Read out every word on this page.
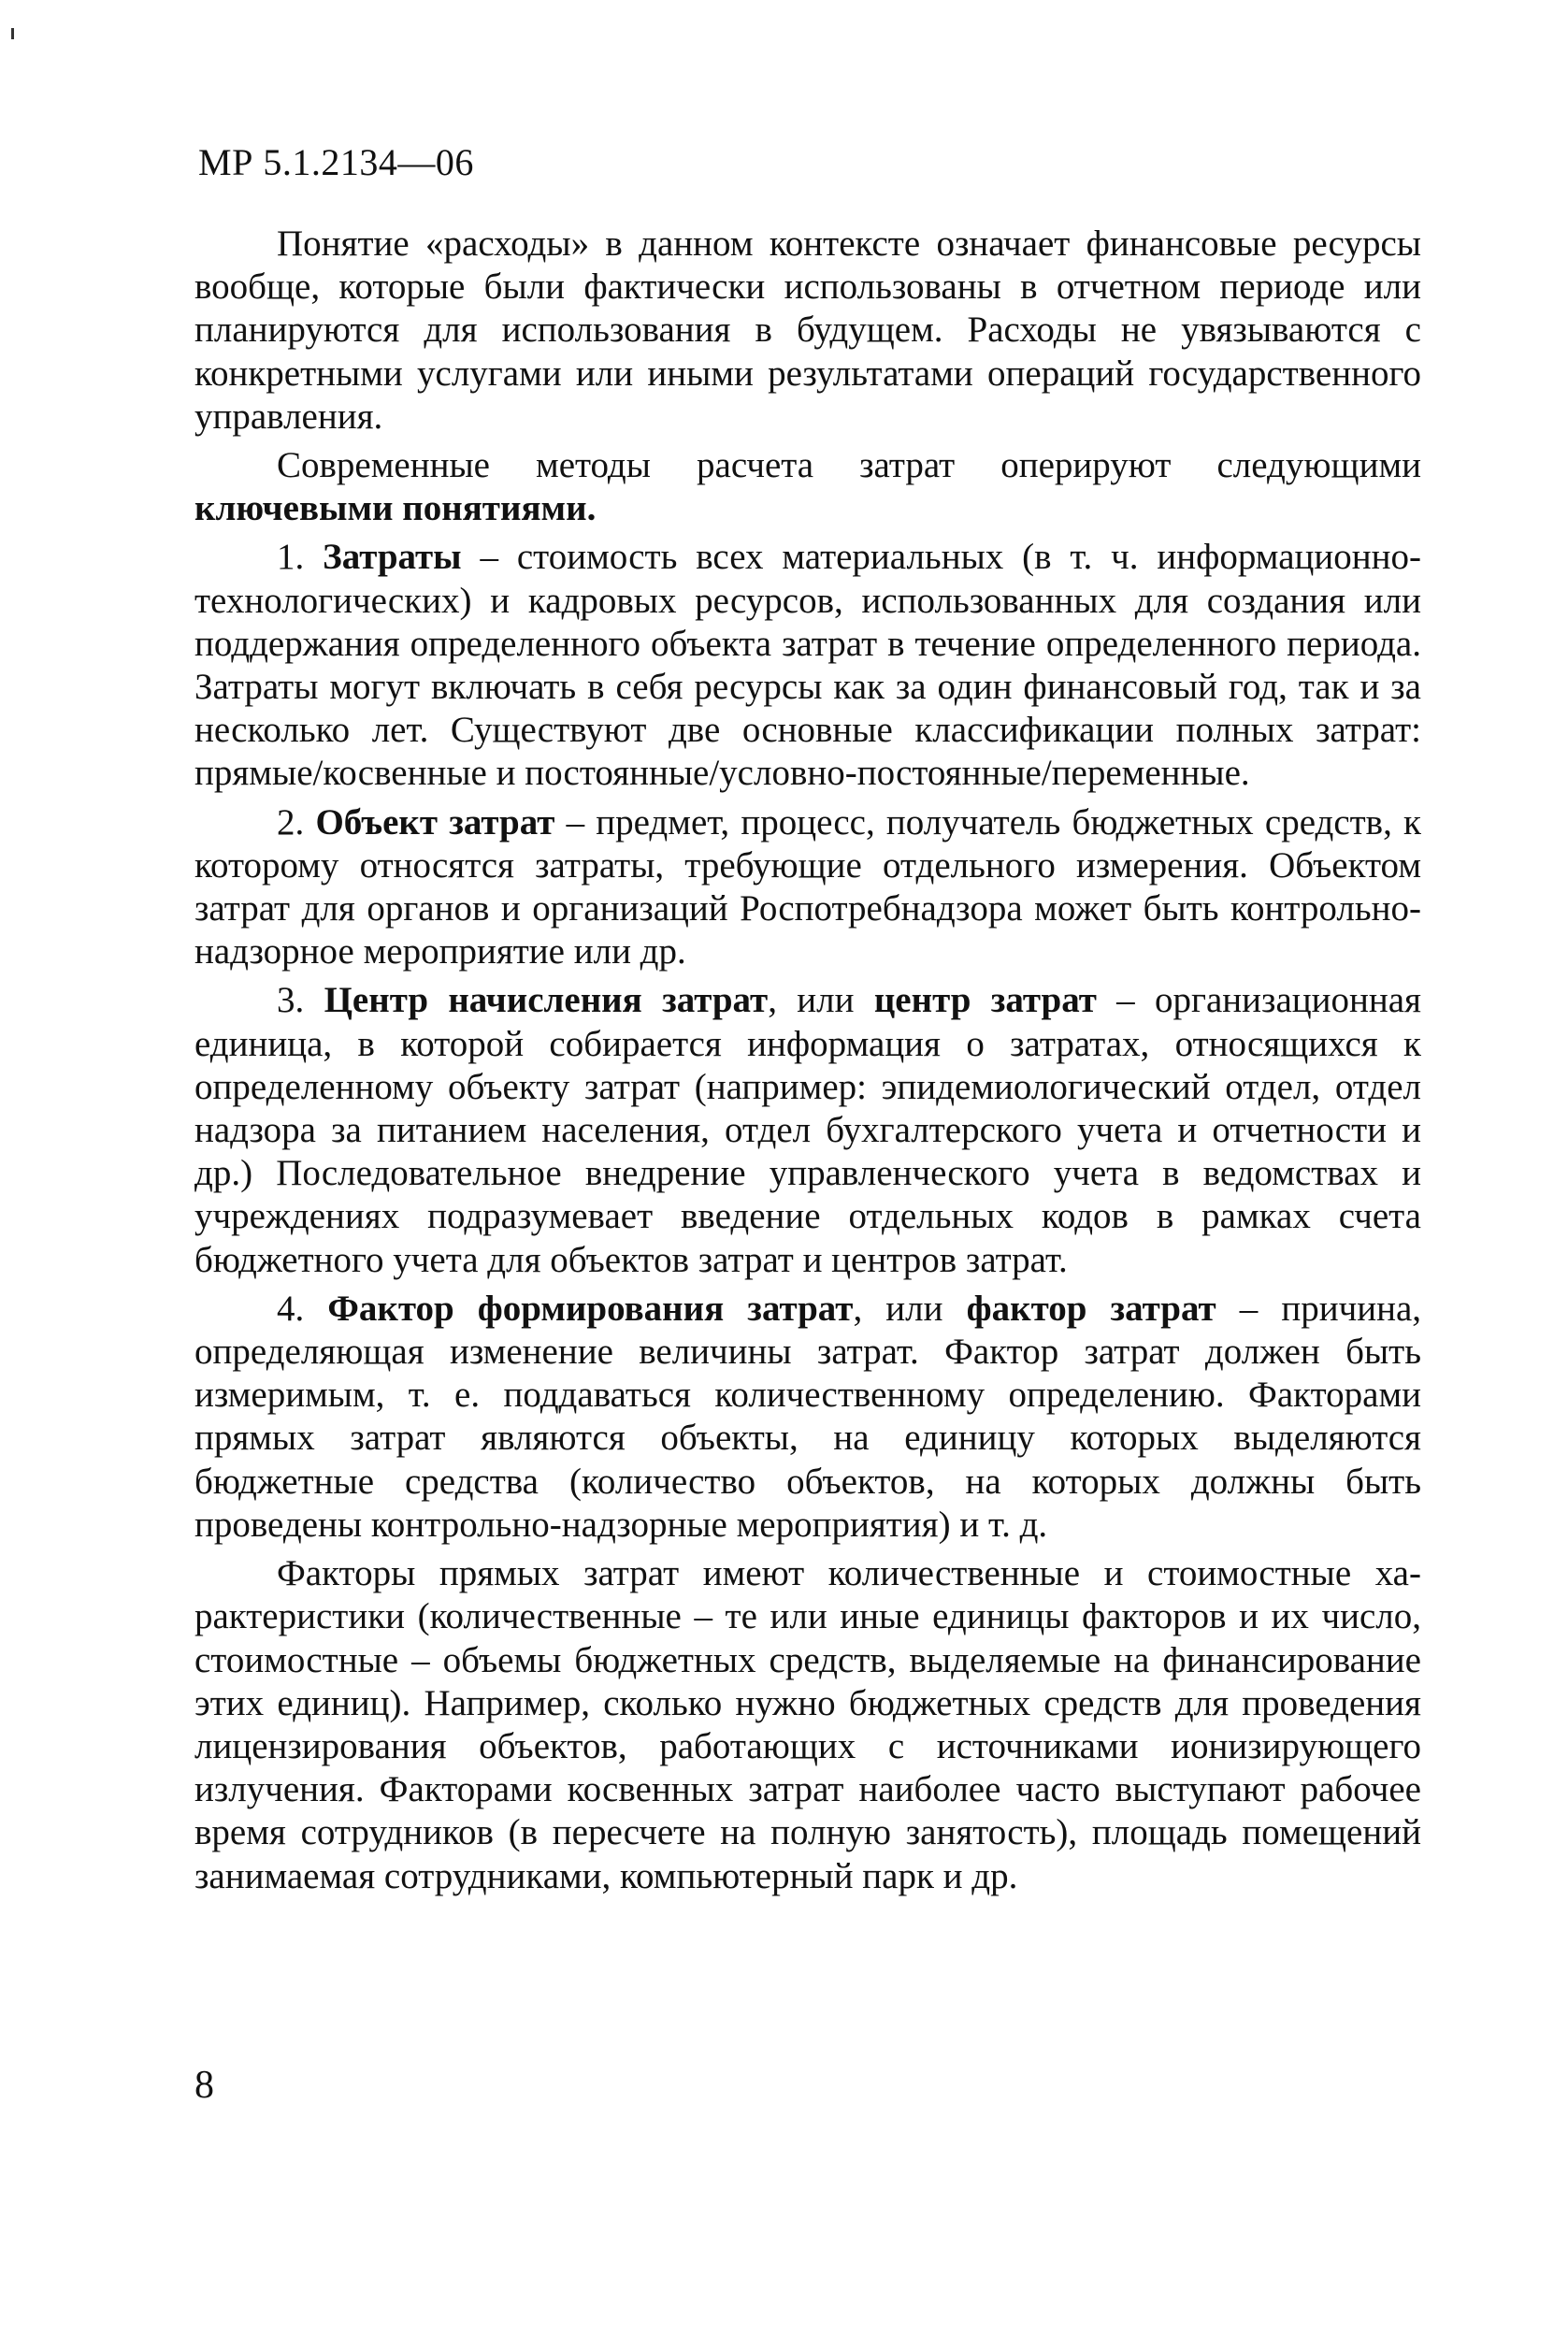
МР 5.1.2134—06

Понятие «расходы» в данном контексте означает финансовые ресурсы вообще, которые были фактически использованы в отчетном периоде или планируются для использования в будущем. Расходы не увязываются с конкретными услугами или иными результатами операций государственного управления.

Современные методы расчета затрат оперируют следующими ключевыми понятиями.

1. Затраты – стоимость всех материальных (в т. ч. информационно-технологических) и кадровых ресурсов, использованных для создания или поддержания определенного объекта затрат в течение определенного периода. Затраты могут включать в себя ресурсы как за один финансовый год, так и за несколько лет. Существуют две основные классификации полных затрат: прямые/косвенные и постоянные/условно-постоянные/переменные.

2. Объект затрат – предмет, процесс, получатель бюджетных средств, к которому относятся затраты, требующие отдельного измерения. Объектом затрат для органов и организаций Роспотребнадзора может быть контрольно-надзорное мероприятие или др.

3. Центр начисления затрат, или центр затрат – организационная единица, в которой собирается информация о затратах, относящихся к определенному объекту затрат (например: эпидемиологический отдел, отдел надзора за питанием населения, отдел бухгалтерского учета и отчетности и др.) Последовательное внедрение управленческого учета в ведомствах и учреждениях подразумевает введение отдельных кодов в рамках счета бюджетного учета для объектов затрат и центров затрат.

4. Фактор формирования затрат, или фактор затрат – причина, определяющая изменение величины затрат. Фактор затрат должен быть измеримым, т. е. поддаваться количественному определению. Факторами прямых затрат являются объекты, на единицу которых выделяются бюджетные средства (количество объектов, на которых должны быть проведены контрольно-надзорные мероприятия) и т. д.

Факторы прямых затрат имеют количественные и стоимостные характеристики (количественные – те или иные единицы факторов и их число, стоимостные – объемы бюджетных средств, выделяемые на финансирование этих единиц). Например, сколько нужно бюджетных средств для проведения лицензирования объектов, работающих с источниками ионизирующего излучения. Факторами косвенных затрат наиболее часто выступают рабочее время сотрудников (в пересчете на полную занятость), площадь помещений занимаемая сотрудниками, компьютерный парк и др.

8
